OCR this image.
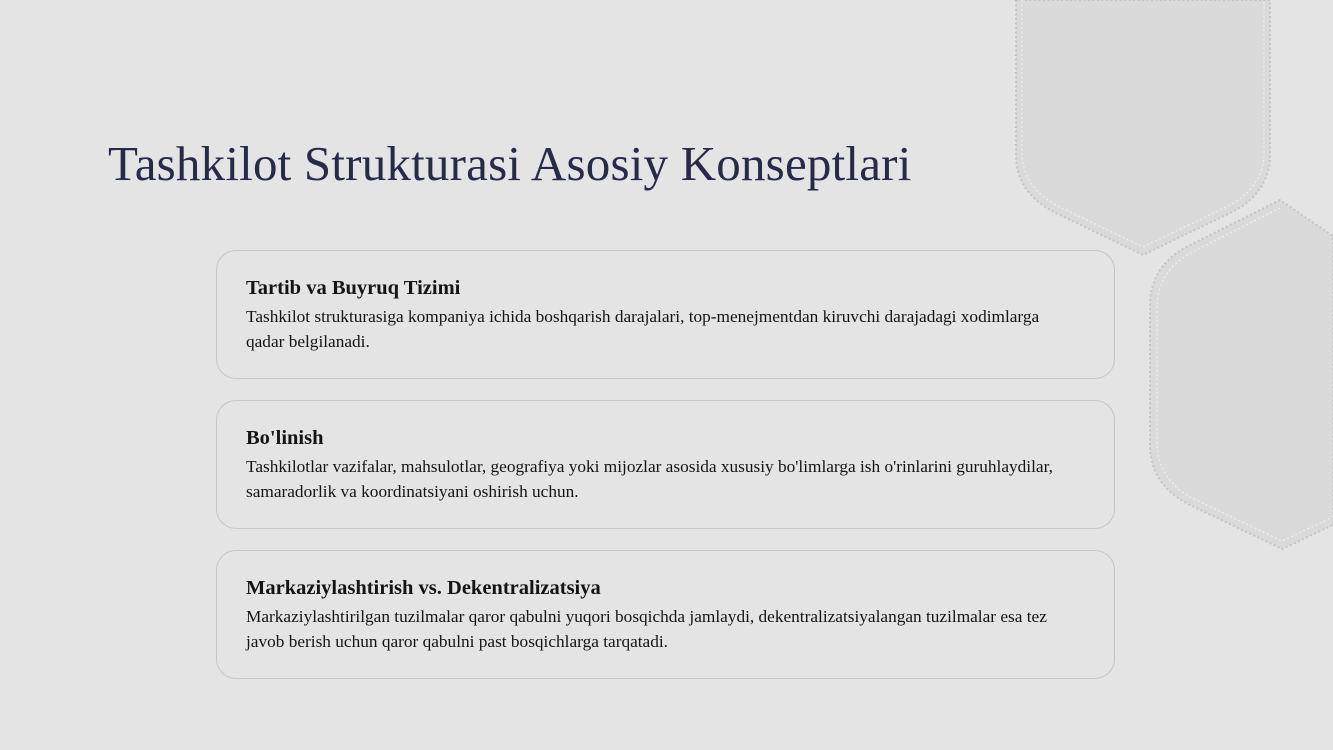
Tashkilot Strukturasi Asosiy Konseptlari
Tartib va Buyruq Tizimi

Tashkilot strukturasiga kompaniya ichida boshqarish darajalari, top-menejmentdan kiruvchi darajadagi xodimlarga qadar belgilanadi.

Bo'linish

Tashkilotlar vazifalar, mahsulotlar, geografiya yoki mijozlar asosida xususiy bo'limlarga ish o'rinlarini guruhlaydilar, samaradorlik va koordinatsiyani oshirish uchun.

Markaziylashtirish vs. Dekentralizatsiya

Markaziylashtirilgan tuzilmalar qaror qabulni yuqori bosqichda jamlaydi, dekentralizatsiyalangan tuzilmalar esa tez javob berish uchun qaror qabulni past bosqichlarga tarqatadi.
